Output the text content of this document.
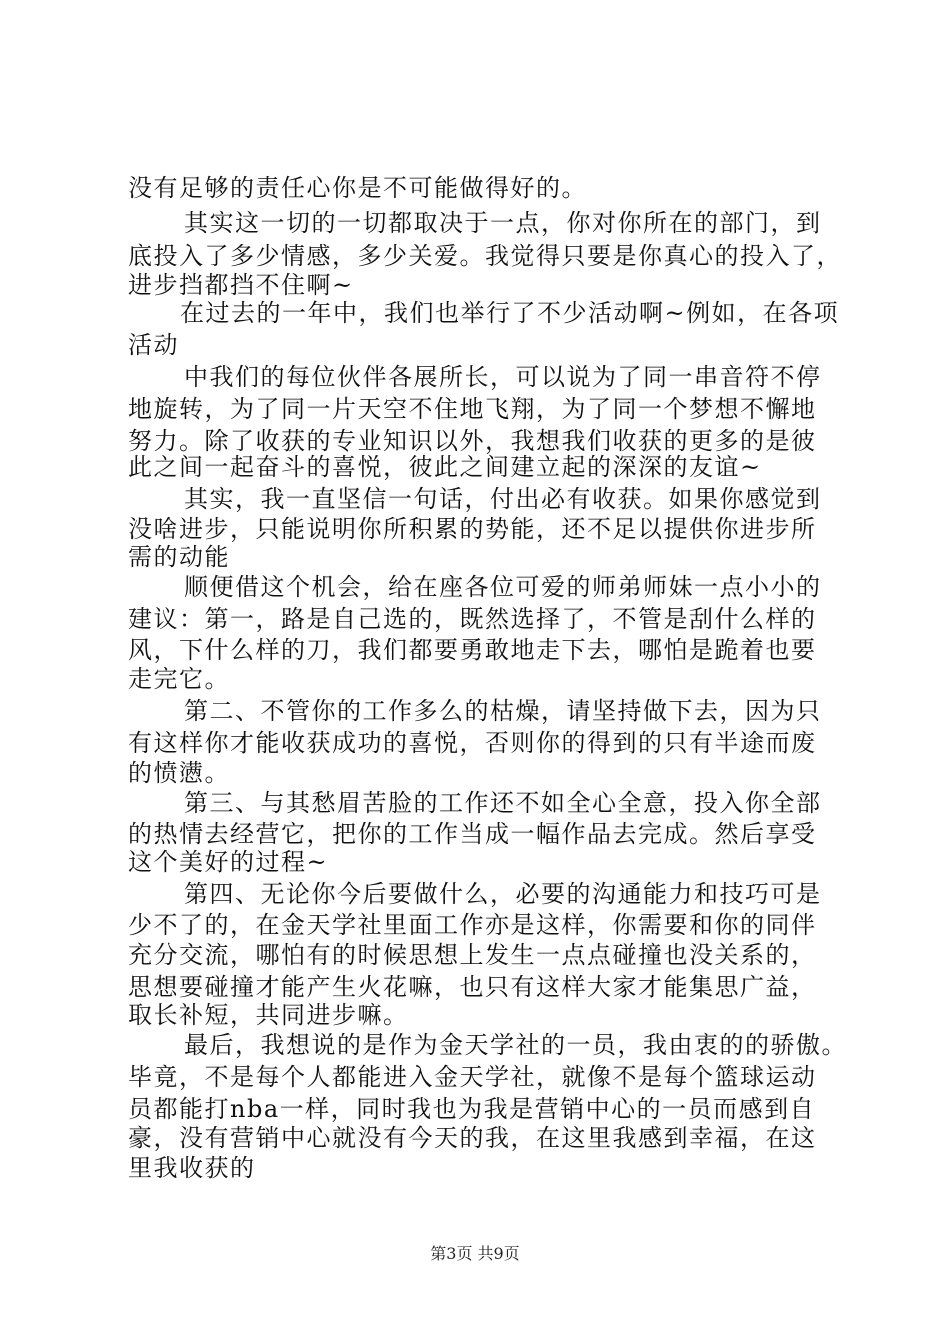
没有足够的责任心你是不可能做得好的。
其实这一切的一切都取决于一点，你对你所在的部门，到
底投入了多少情感，多少关爱。我觉得只要是你真心的投入了，
进步挡都挡不住啊~
在过去的一年中，我们也举行了不少活动啊~例如，在各项
活动
中我们的每位伙伴各展所长，可以说为了同一串音符不停
地旋转，为了同一片天空不住地飞翔，为了同一个梦想不懈地
努力。除了收获的专业知识以外，我想我们收获的更多的是彼
此之间一起奋斗的喜悦，彼此之间建立起的深深的友谊~
其实，我一直坚信一句话，付出必有收获。如果你感觉到
没啥进步，只能说明你所积累的势能，还不足以提供你进步所
需的动能
顺便借这个机会，给在座各位可爱的师弟师妹一点小小的
建议：第一，路是自己选的，既然选择了，不管是刮什么样的
风，下什么样的刀，我们都要勇敢地走下去，哪怕是跪着也要
走完它。
第二、不管你的工作多么的枯燥，请坚持做下去，因为只
有这样你才能收获成功的喜悦，否则你的得到的只有半途而废
的愤懑。
第三、与其愁眉苦脸的工作还不如全心全意，投入你全部
的热情去经营它，把你的工作当成一幅作品去完成。然后享受
这个美好的过程~
第四、无论你今后要做什么，必要的沟通能力和技巧可是
少不了的，在金天学社里面工作亦是这样，你需要和你的同伴
充分交流，哪怕有的时候思想上发生一点点碰撞也没关系的，
思想要碰撞才能产生火花嘛，也只有这样大家才能集思广益，
取长补短，共同进步嘛。
最后，我想说的是作为金天学社的一员，我由衷的的骄傲。
毕竟，不是每个人都能进入金天学社，就像不是每个篮球运动
员都能打nba一样，同时我也为我是营销中心的一员而感到自
豪，没有营销中心就没有今天的我，在这里我感到幸福，在这
里我收获的
第3页 共9页
